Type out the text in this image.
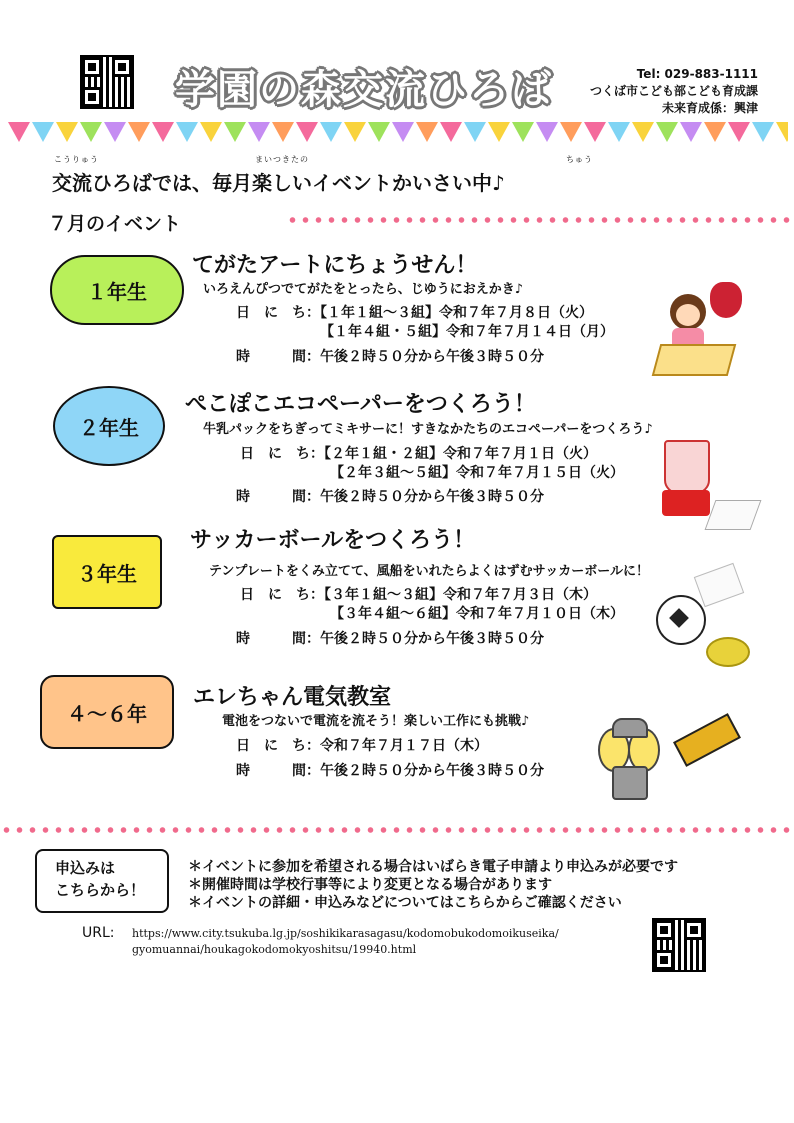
学園の森交流ひろば	Tel: 029-883-1111
つくば市こども部こども育成課
未来育成係：興津
こうりゅう	まいつきたの	ちゅう
交流ひろばでは、毎月楽しいイベントかいさい中♪
７月のイベント
１年生
てがたアートにちょうせん！
いろえんぴつでてがたをとったら、じゆうにおえかき♪
日　に　ち：【１年１組～３組】令和７年７月８日（火）
【１年４組・５組】令和７年７月１４日（月）
時　　　間：午後２時５０分から午後３時５０分
２年生
ぺこぽこエコペーパーをつくろう！
牛乳パックをちぎってミキサーに！すきなかたちのエコペーパーをつくろう♪
日　に　ち：【２年１組・２組】令和７年７月１日（火）
【２年３組～５組】令和７年７月１５日（火）
時　　　間：午後２時５０分から午後３時５０分
３年生
サッカーボールをつくろう！
テンプレートをくみ立てて、風船をいれたらよくはずむサッカーボールに！
日　に　ち：【３年１組～３組】令和７年７月３日（木）
【３年４組～６組】令和７年７月１０日（木）
時　　　間：午後２時５０分から午後３時５０分
４～６年
エレちゃん電気教室
電池をつないで電流を流そう！楽しい工作にも挑戦♪
日　に　ち：令和７年７月１７日（木）
時　　　間：午後２時５０分から午後３時５０分
申込みは
こちらから！
＊イベントに参加を希望される場合はいばらき電子申請より申込みが必要です
＊開催時間は学校行事等により変更となる場合があります
＊イベントの詳細・申込みなどについてはこちらからご確認ください
URL: https://www.city.tsukuba.lg.jp/soshikikarasagasu/kodomobukodomoikuseika/
gyomuannai/houkagokodomokyoshitsu/19940.html
